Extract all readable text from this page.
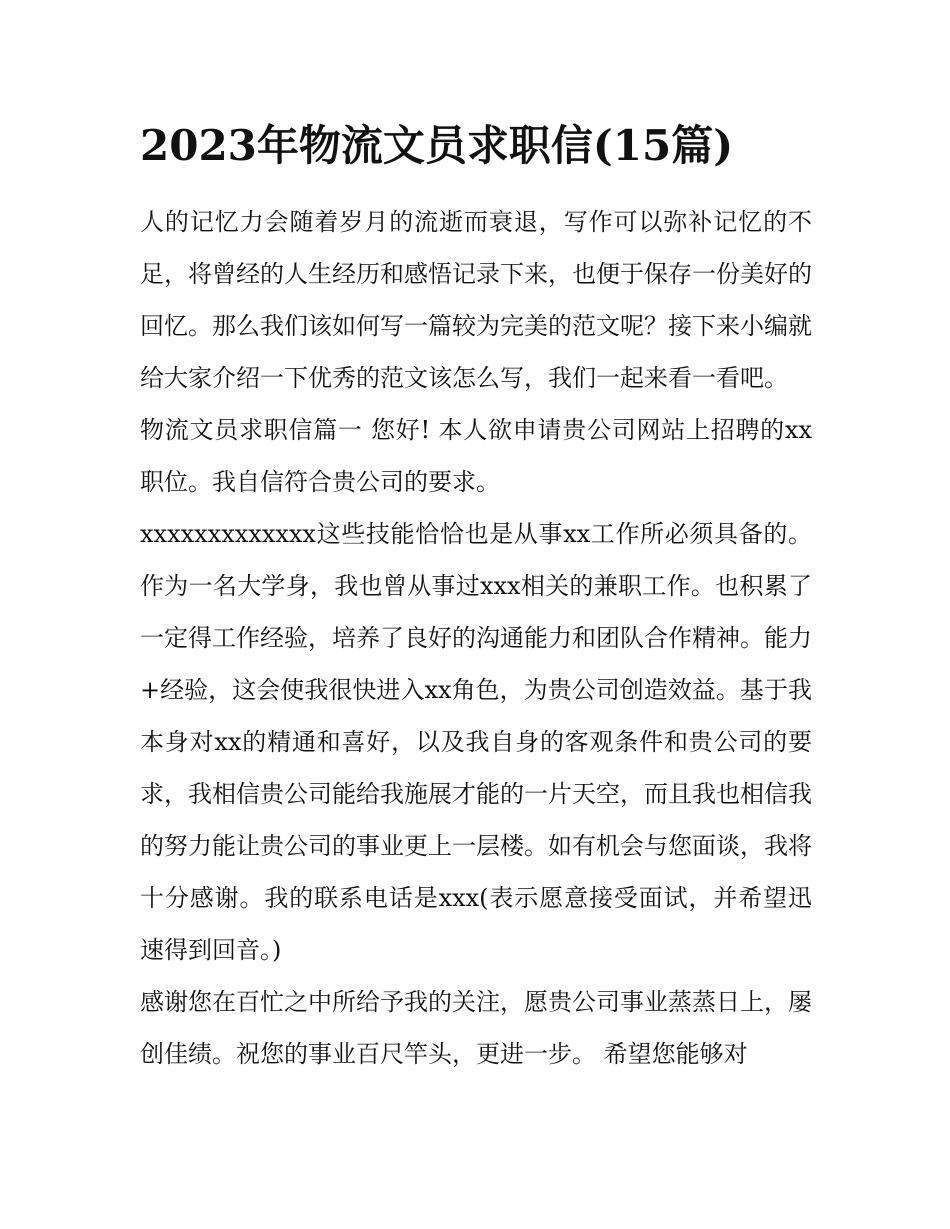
2023年物流文员求职信(15篇)

人的记忆力会随着岁月的流逝而衰退，写作可以弥补记忆的不足，将曾经的人生经历和感悟记录下来，也便于保存一份美好的回忆。那么我们该如何写一篇较为完美的范文呢？接下来小编就给大家介绍一下优秀的范文该怎么写，我们一起来看一看吧。

物流文员求职信篇一 您好! 本人欲申请贵公司网站上招聘的xx职位。我自信符合贵公司的要求。

xxxxxxxxxxxxx这些技能恰恰也是从事xx工作所必须具备的。作为一名大学身，我也曾从事过xxx相关的兼职工作。也积累了一定得工作经验，培养了良好的沟通能力和团队合作精神。能力+经验，这会使我很快进入xx角色，为贵公司创造效益。基于我本身对xx的精通和喜好，以及我自身的客观条件和贵公司的要求，我相信贵公司能给我施展才能的一片天空，而且我也相信我的努力能让贵公司的事业更上一层楼。如有机会与您面谈，我将十分感谢。我的联系电话是xxx(表示愿意接受面试，并希望迅速得到回音。)

感谢您在百忙之中所给予我的关注，愿贵公司事业蒸蒸日上，屡创佳绩。祝您的事业百尺竿头，更进一步。 希望您能够对
